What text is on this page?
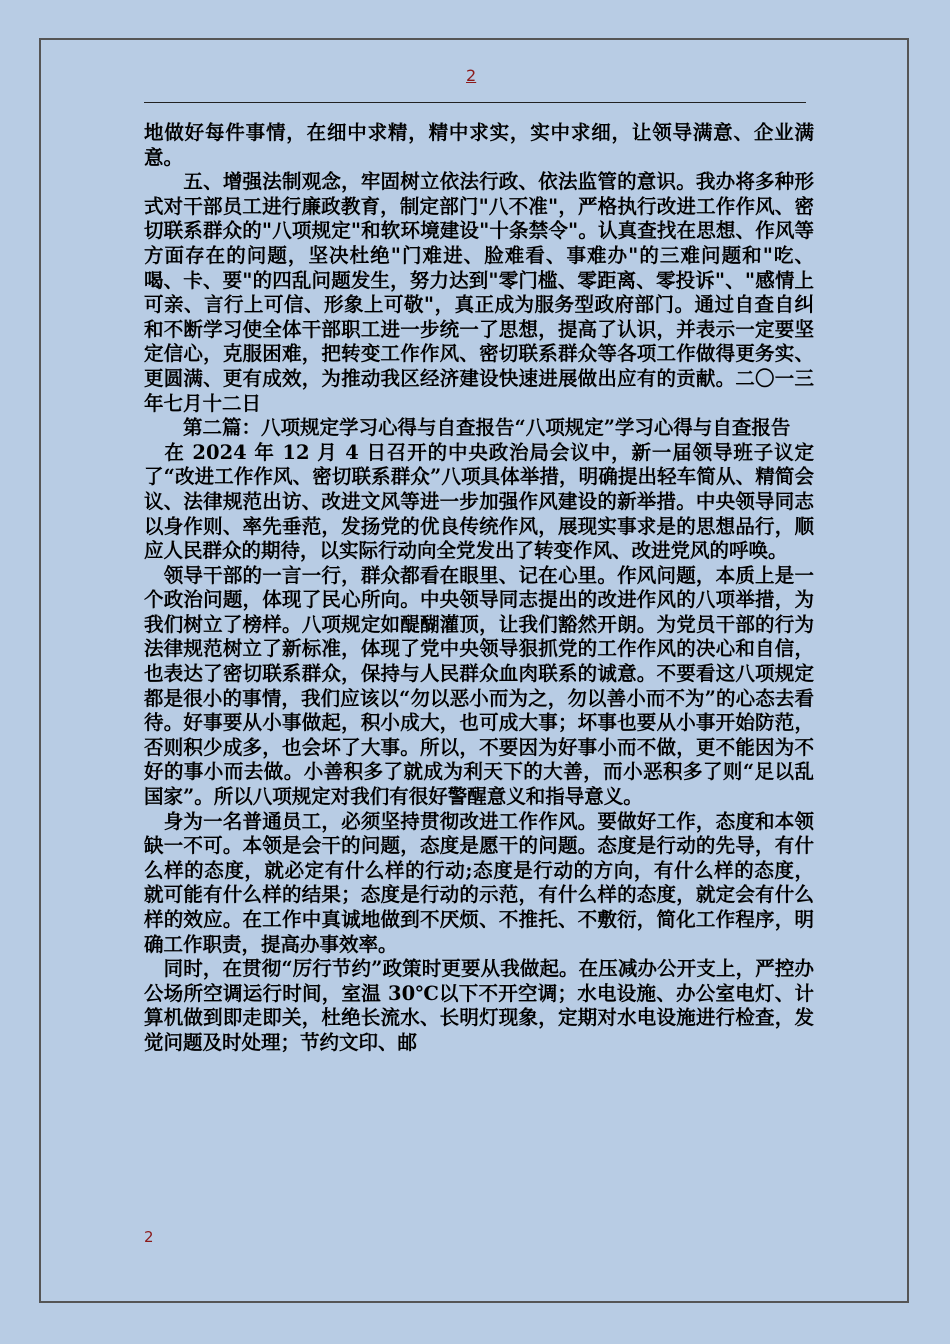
2

地做好每件事情，在细中求精，精中求实，实中求细，让领导满意、企业满意。

　　五、增强法制观念，牢固树立依法行政、依法监管的意识。我办将多种形式对干部员工进行廉政教育，制定部门"八不准"，严格执行改进工作作风、密切联系群众的"八项规定"和软环境建设"十条禁令"。认真查找在思想、作风等方面存在的问题，坚决杜绝"门难进、脸难看、事难办"的三难问题和"吃、喝、卡、要"的四乱问题发生，努力达到"零门槛、零距离、零投诉"、"感情上可亲、言行上可信、形象上可敬"，真正成为服务型政府部门。通过自查自纠和不断学习使全体干部职工进一步统一了思想，提高了认识，并表示一定要坚定信心，克服困难，把转变工作作风、密切联系群众等各项工作做得更务实、更圆满、更有成效，为推动我区经济建设快速进展做出应有的贡献。二〇一三年七月十二日

　　第二篇：八项规定学习心得与自查报告“八项规定”学习心得与自查报告

　在 2024 年 12 月 4 日召开的中央政治局会议中，新一届领导班子议定了“改进工作作风、密切联系群众”八项具体举措，明确提出轻车简从、精简会议、法律规范出访、改进文风等进一步加强作风建设的新举措。中央领导同志以身作则、率先垂范，发扬党的优良传统作风，展现实事求是的思想品行，顺应人民群众的期待，以实际行动向全党发出了转变作风、改进党风的呼唤。

　领导干部的一言一行，群众都看在眼里、记在心里。作风问题，本质上是一个政治问题，体现了民心所向。中央领导同志提出的改进作风的八项举措，为我们树立了榜样。八项规定如醍醐灌顶，让我们豁然开朗。为党员干部的行为法律规范树立了新标准，体现了党中央领导狠抓党的工作作风的决心和自信，也表达了密切联系群众，保持与人民群众血肉联系的诚意。不要看这八项规定都是很小的事情，我们应该以“勿以恶小而为之，勿以善小而不为”的心态去看待。好事要从小事做起，积小成大，也可成大事；坏事也要从小事开始防范，否则积少成多，也会坏了大事。所以，不要因为好事小而不做，更不能因为不好的事小而去做。小善积多了就成为利天下的大善，而小恶积多了则“足以乱国家”。所以八项规定对我们有很好警醒意义和指导意义。

　身为一名普通员工，必须坚持贯彻改进工作作风。要做好工作，态度和本领缺一不可。本领是会干的问题，态度是愿干的问题。态度是行动的先导，有什么样的态度，就必定有什么样的行动;态度是行动的方向，有什么样的态度，就可能有什么样的结果；态度是行动的示范，有什么样的态度，就定会有什么样的效应。在工作中真诚地做到不厌烦、不推托、不敷衍，简化工作程序，明确工作职责，提高办事效率。

　同时，在贯彻“厉行节约”政策时更要从我做起。在压减办公开支上，严控办公场所空调运行时间，室温 30℃以下不开空调；水电设施、办公室电灯、计算机做到即走即关，杜绝长流水、长明灯现象，定期对水电设施进行检查，发觉问题及时处理；节约文印、邮

2
